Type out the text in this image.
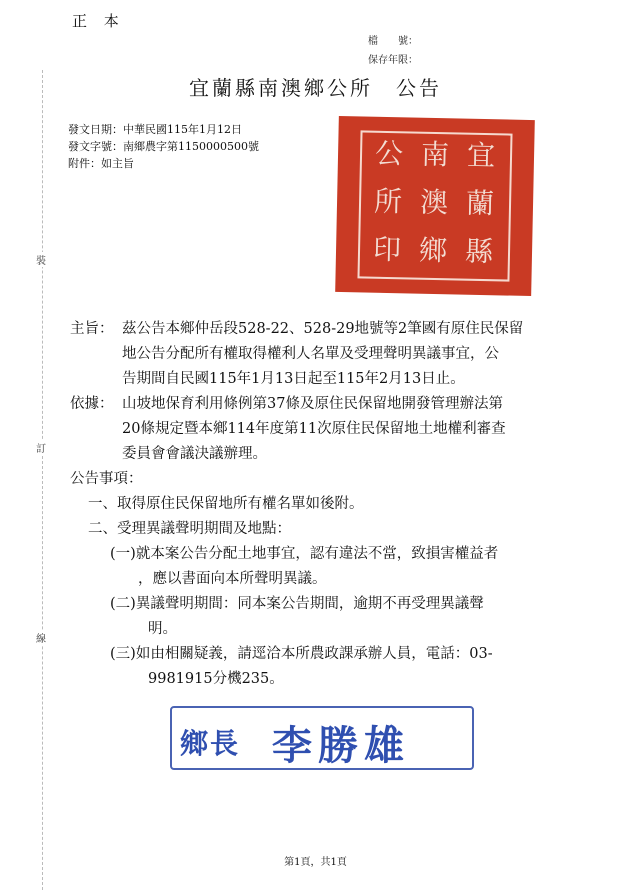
正 本
檔　　號：
保存年限：
宜蘭縣南澳鄉公所　公告
發文日期：中華民國115年1月12日
發文字號：南鄉農字第1150000500號
附件：如主旨
裝
訂
線
宜
蘭
縣
南
澳
鄉
公
所
印
主旨： 茲公告本鄉仲岳段528-22、528-29地號等2筆國有原住民保留
地公告分配所有權取得權利人名單及受理聲明異議事宜，公
告期間自民國115年1月13日起至115年2月13日止。
依據： 山坡地保育利用條例第37條及原住民保留地開發管理辦法第
20條規定暨本鄉114年度第11次原住民保留地土地權利審查
委員會會議決議辦理。
公告事項：
一、取得原住民保留地所有權名單如後附。
二、受理異議聲明期間及地點：
(一)就本案公告分配土地事宜，認有違法不當，致損害權益者
，應以書面向本所聲明異議。
(二)異議聲明期間：同本案公告期間，逾期不再受理異議聲
明。
(三)如由相關疑義，請逕洽本所農政課承辦人員，電話：03-
9981915分機235。
鄉長 李勝雄
第1頁，共1頁
